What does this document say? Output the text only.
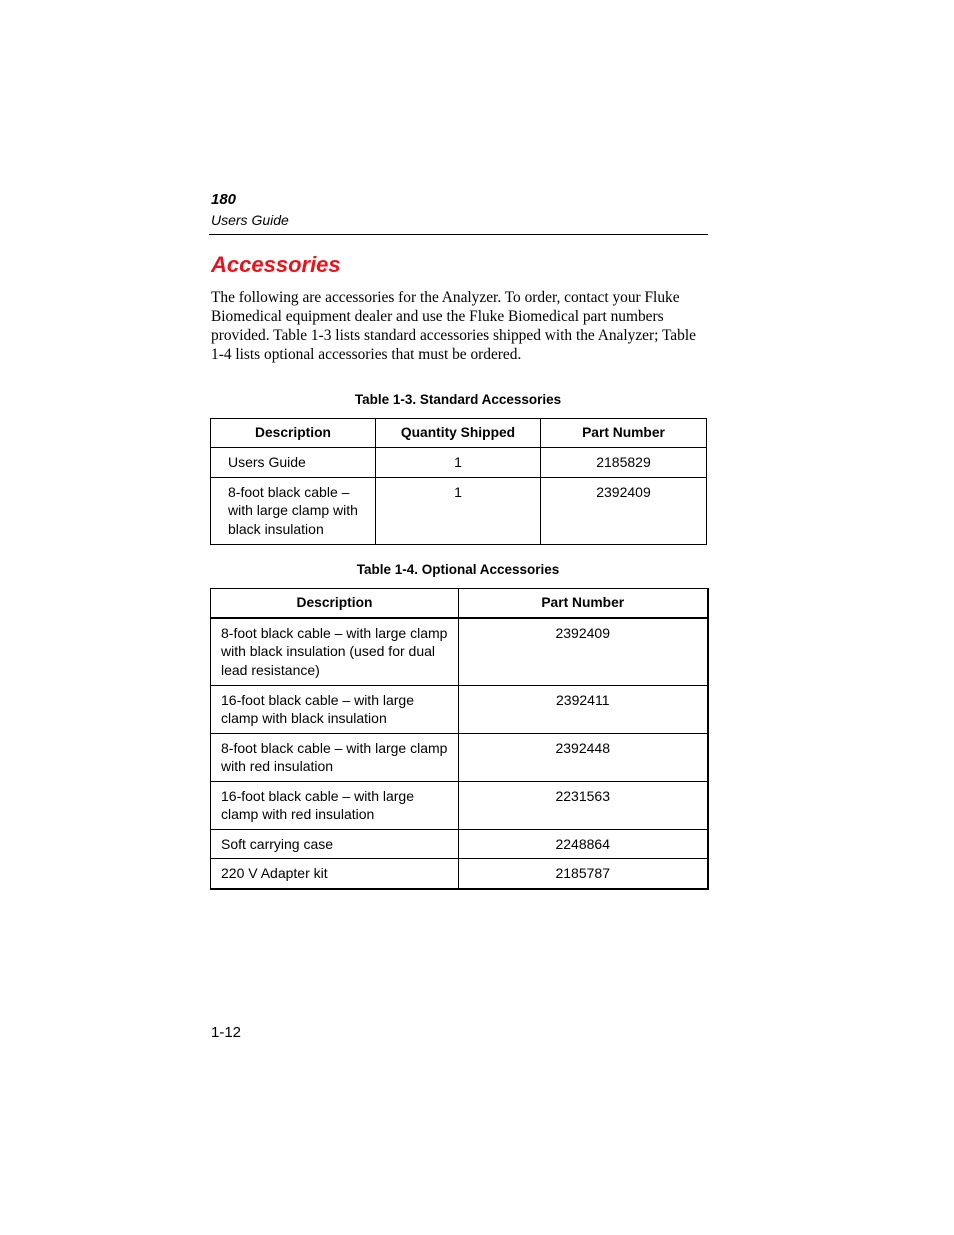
180
Users Guide
Accessories
The following are accessories for the Analyzer. To order, contact your Fluke Biomedical equipment dealer and use the Fluke Biomedical part numbers provided. Table 1-3 lists standard accessories shipped with the Analyzer; Table 1-4 lists optional accessories that must be ordered.
Table 1-3. Standard Accessories
Description	Quantity Shipped	Part Number
Users Guide	1	2185829
8-foot black cable – with large clamp with black insulation	1	2392409
Table 1-4. Optional Accessories
Description	Part Number
8-foot black cable – with large clamp with black insulation (used for dual lead resistance)	2392409
16-foot black cable – with large clamp with black insulation	2392411
8-foot black cable – with large clamp with red insulation	2392448
16-foot black cable – with large clamp with red insulation	2231563
Soft carrying case	2248864
220 V Adapter kit	2185787
1-12
